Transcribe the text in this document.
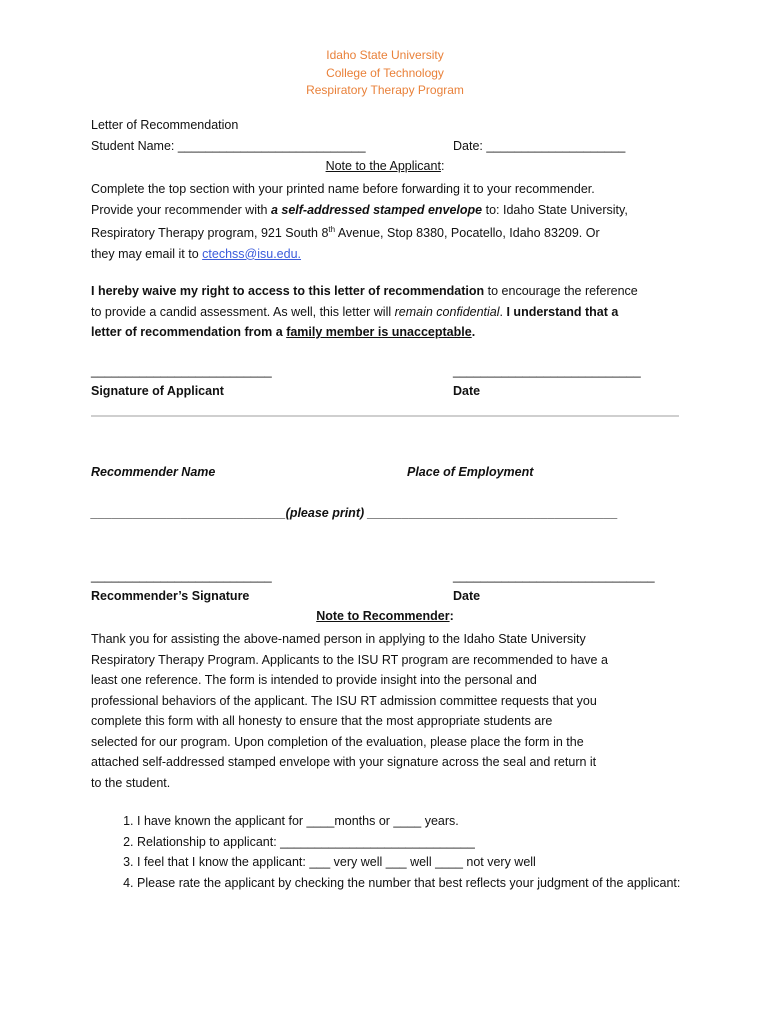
Idaho State University
College of Technology
Respiratory Therapy Program
Letter of Recommendation
Student Name: ___________________________	Date: ____________________
Note to the Applicant:
Complete the top section with your printed name before forwarding it to your recommender.
Provide your recommender with a self-addressed stamped envelope to: Idaho State University,
Respiratory Therapy program, 921 South 8th Avenue, Stop 8380, Pocatello, Idaho 83209. Or
they may email it to ctechss@isu.edu.
I hereby waive my right to access to this letter of recommendation to encourage the reference
to provide a candid assessment. As well, this letter will remain confidential. I understand that a
letter of recommendation from a family member is unacceptable.
__________________________	___________________________
Signature of Applicant	Date
Recommender Name	Place of Employment
____________________________(please print) ____________________________________
__________________________	_____________________________
Recommender’s Signature	Date
Note to Recommender:
Thank you for assisting the above-named person in applying to the Idaho State University
Respiratory Therapy Program. Applicants to the ISU RT program are recommended to have a
least one reference. The form is intended to provide insight into the personal and
professional behaviors of the applicant. The ISU RT admission committee requests that you
complete this form with all honesty to ensure that the most appropriate students are
selected for our program. Upon completion of the evaluation, please place the form in the
attached self-addressed stamped envelope with your signature across the seal and return it
to the student.
1. I have known the applicant for ____months or ____ years.
2. Relationship to applicant: ____________________________
3. I feel that I know the applicant: ___ very well ___ well ____ not very well
4. Please rate the applicant by checking the number that best reflects your judgment of the applicant:
